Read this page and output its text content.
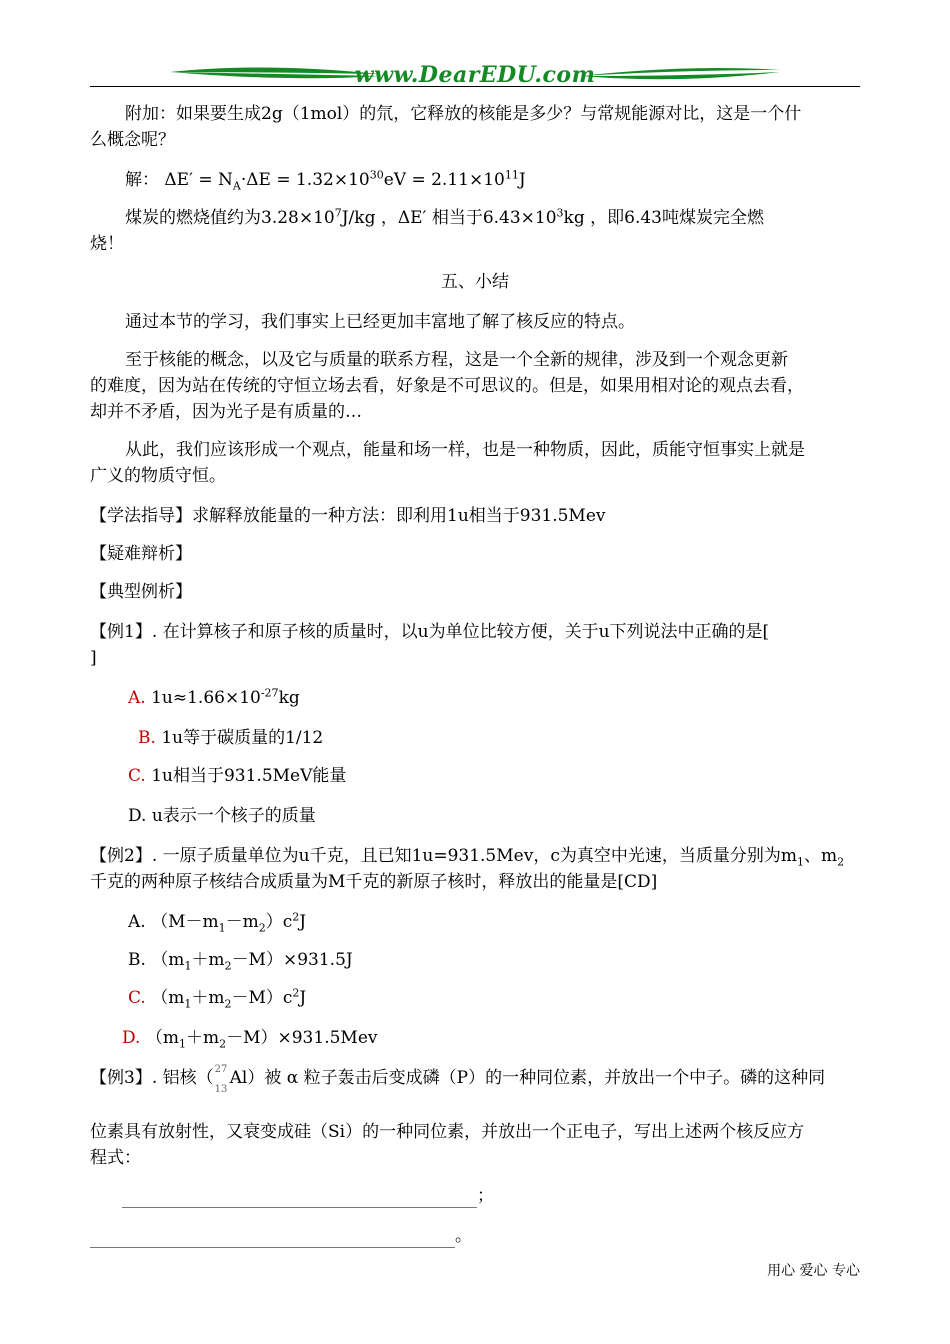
www.DearEDU.com
附加：如果要生成2g（1mol）的氘，它释放的核能是多少？与常规能源对比，这是一个什
么概念呢？
解： $\Delta E' = N_A\cdot\Delta E = 1.32\times 10^{30}eV = 2.11\times 10^{11}J$
煤炭的燃烧值约为$3.28\times 10^7J/kg$ ，ΔE′ 相当于$6.43\times 10^3kg$ ，即6.43吨煤炭完全燃
烧！
五、小结
通过本节的学习，我们事实上已经更加丰富地了解了核反应的特点。
至于核能的概念，以及它与质量的联系方程，这是一个全新的规律，涉及到一个观念更新
的难度，因为站在传统的守恒立场去看，好象是不可思议的。但是，如果用相对论的观点去看，
却并不矛盾，因为光子是有质量的…
从此，我们应该形成一个观点，能量和场一样，也是一种物质，因此，质能守恒事实上就是
广义的物质守恒。
【学法指导】求解释放能量的一种方法：即利用1u相当于931.5Mev
【疑难辩析】
【典型例析】
【例1】. 在计算核子和原子核的质量时，以u为单位比较方便，关于u下列说法中正确的是[
]
A. $1u\approx 1.66\times 10^{-27}kg$
B. 1u等于碳质量的1/12
C. 1u相当于931.5MeV能量
D. u表示一个核子的质量
【例2】. 一原子质量单位为u千克，且已知1u=931.5Mev，c为真空中光速，当质量分别为$m_1$、$m_2$
千克的两种原子核结合成质量为M千克的新原子核时，释放出的能量是[CD]
A. $(M-m_1-m_2)c^2J$
B. $(m_1+m_2-M)\times 931.5J$
C. $(m_1+m_2-M)c^2J$
D. $(m_1+m_2-M)\times 931.5Mev$
【例3】. 铝核（ 27
13
Al）被 α 粒子轰击后变成磷（P）的一种同位素，并放出一个中子。磷的这种同
位素具有放射性，又衰变成硅（Si）的一种同位素，并放出一个正电子，写出上述两个核反应方
程式：
；
。
用心 爱心 专心
